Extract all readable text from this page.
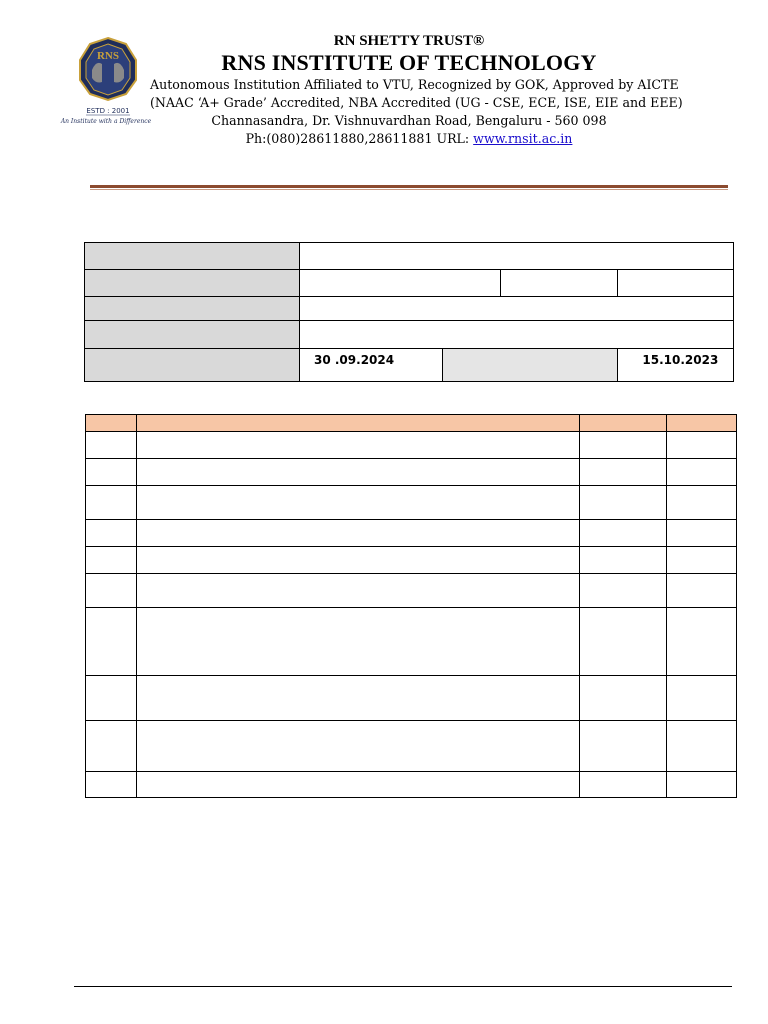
RNS
ESTD : 2001
An Institute with a Difference
RN SHETTY TRUST®
RNS INSTITUTE OF TECHNOLOGY
Autonomous Institution Affiliated to VTU, Recognized by GOK, Approved by AICTE
(NAAC ‘A+ Grade’ Accredited, NBA Accredited (UG - CSE, ECE, ISE, EIE and EEE)
Channasandra, Dr. Vishnuvardhan Road, Bengaluru - 560 098
Ph:(080)28611880,28611881 URL: www.rnsit.ac.in

	30 .09.2024			15.10.2023
